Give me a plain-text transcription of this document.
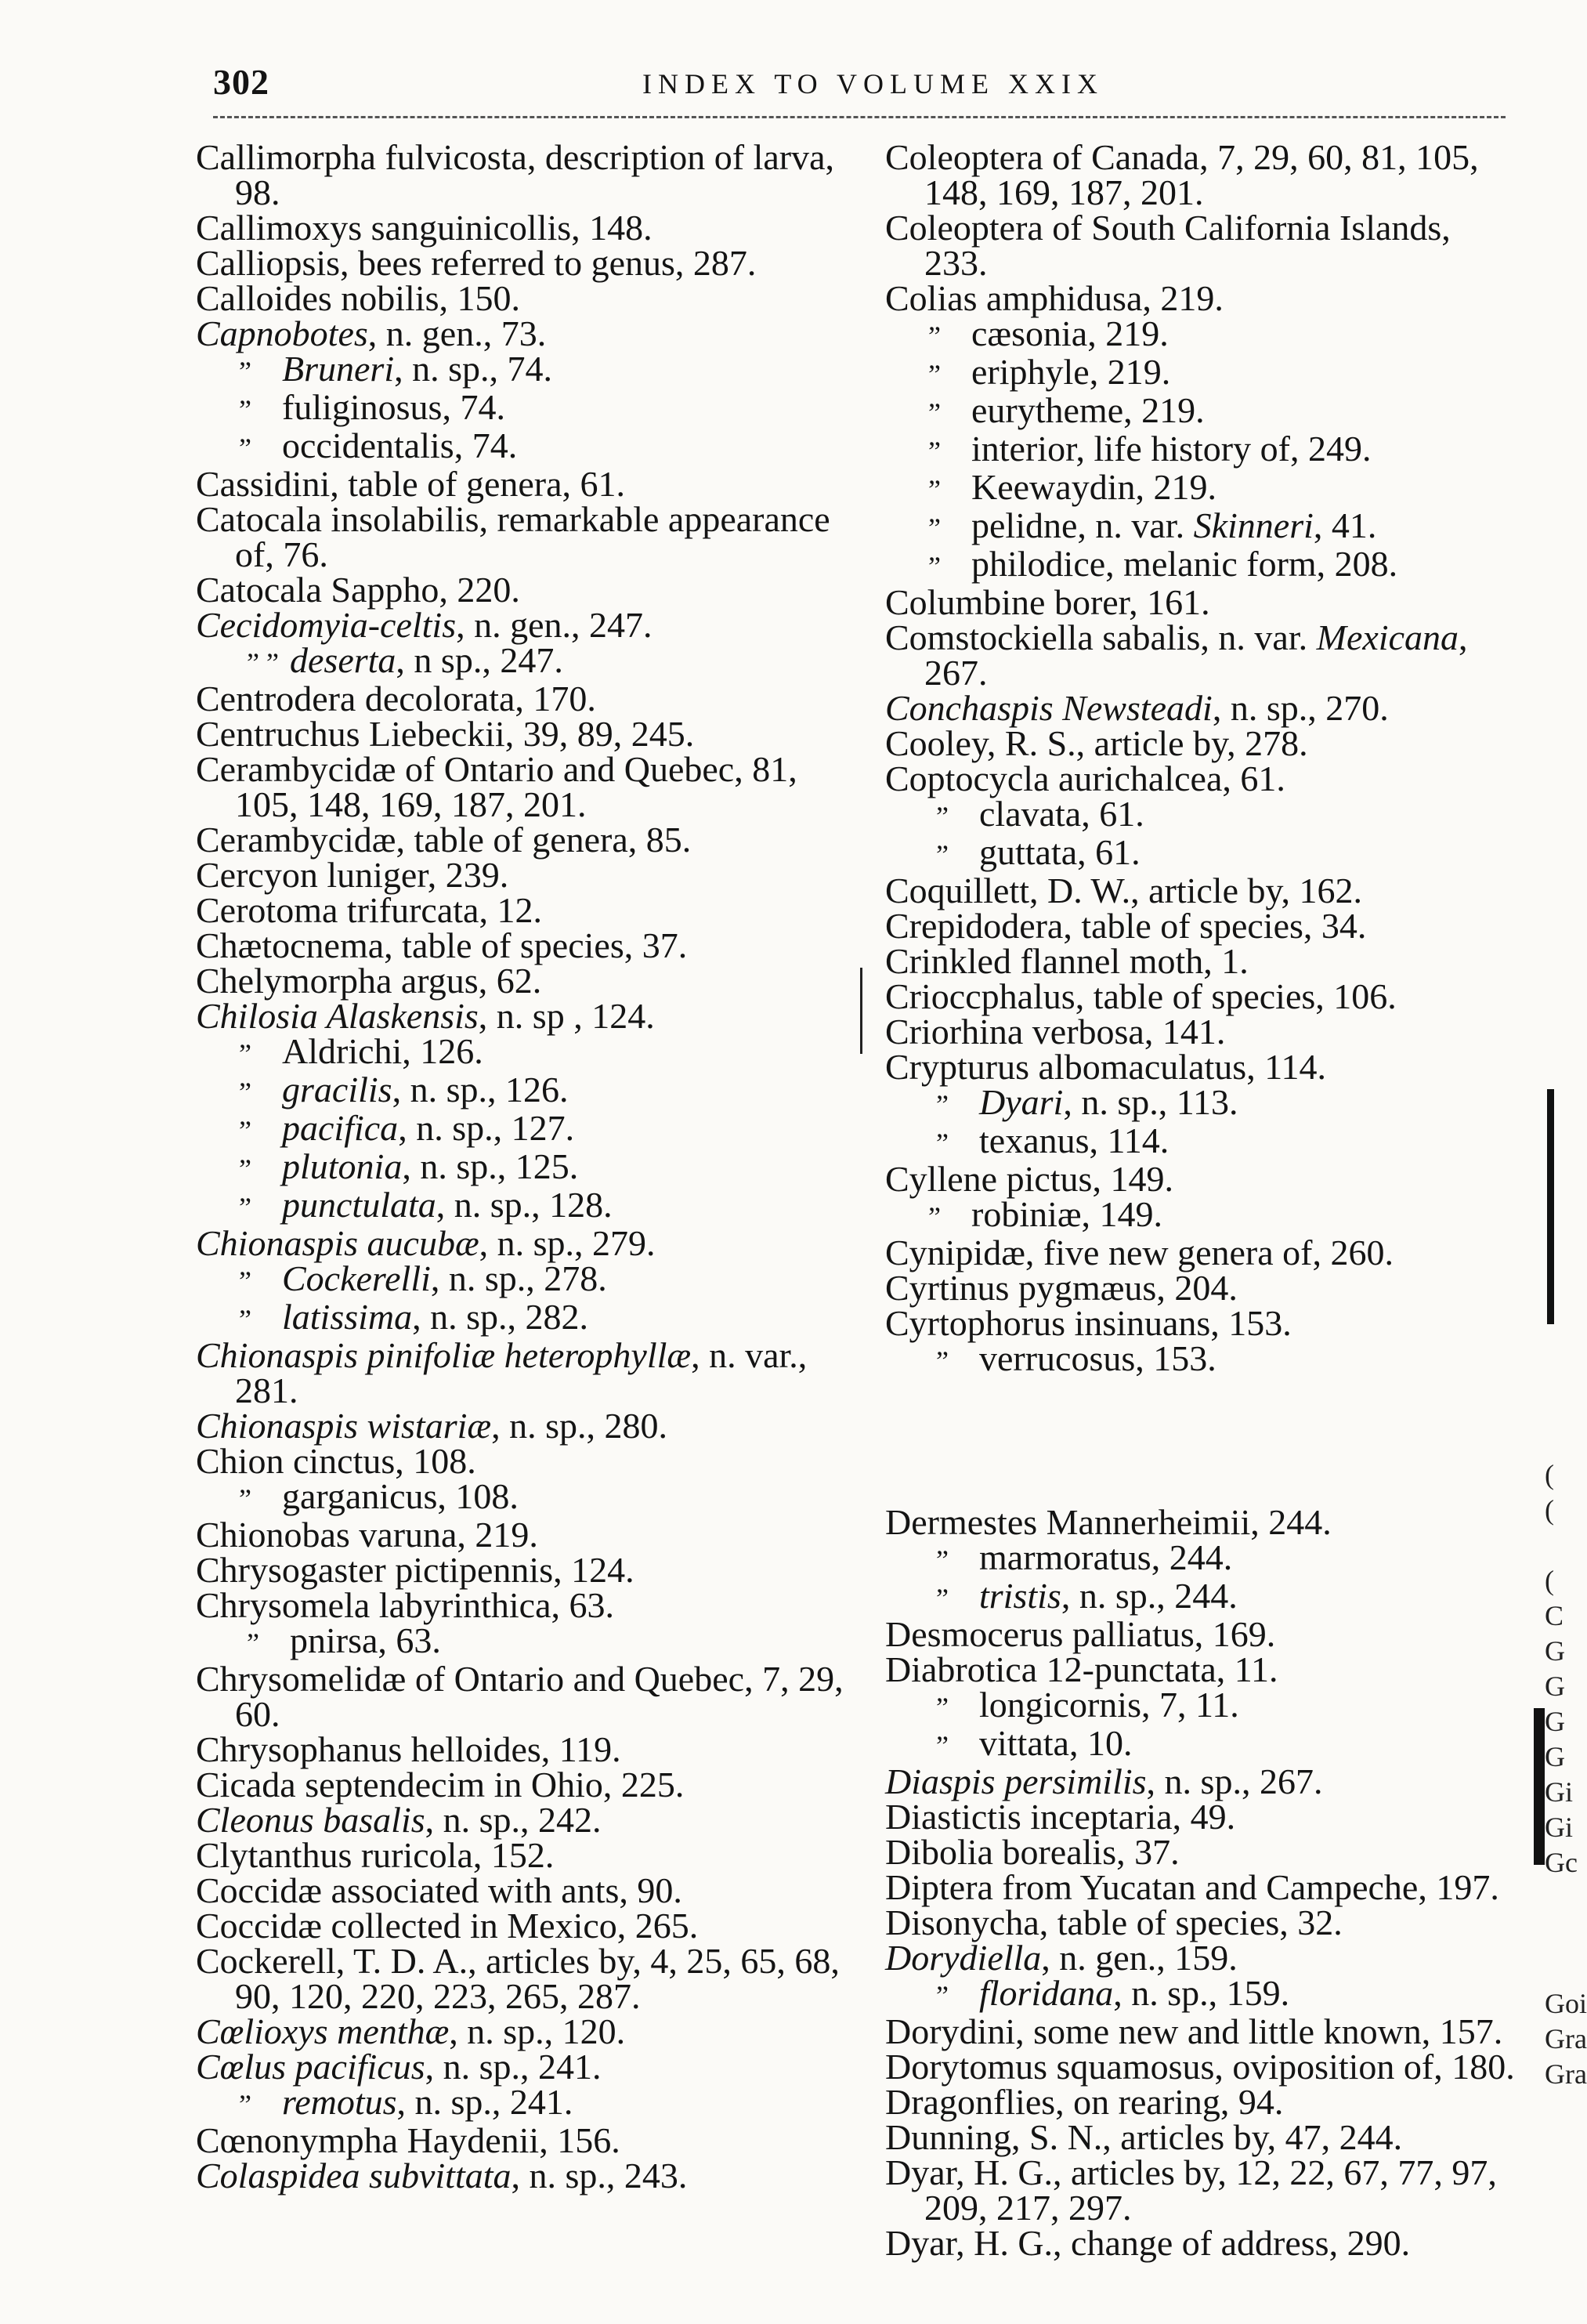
302	INDEX TO VOLUME XXIX

Callimorpha fulvicosta, description of larva, 98.

Callimoxys sanguinicollis, 148.

Calliopsis, bees referred to genus, 287.

Calloides nobilis, 150.

Capnobotes, n. gen., 73.

” Bruneri, n. sp., 74.

” fuliginosus, 74.

” occidentalis, 74.

Cassidini, table of genera, 61.

Catocala insolabilis, remarkable appearance of, 76.

Catocala Sappho, 220.

Cecidomyia-celtis, n. gen., 247.

” ” deserta, n sp., 247.

Centrodera decolorata, 170.

Centruchus Liebeckii, 39, 89, 245.

Cerambycidæ of Ontario and Quebec, 81, 105, 148, 169, 187, 201.

Cerambycidæ, table of genera, 85.

Cercyon luniger, 239.

Cerotoma trifurcata, 12.

Chætocnema, table of species, 37.

Chelymorpha argus, 62.

Chilosia Alaskensis, n. sp , 124.

” Aldrichi, 126.

” gracilis, n. sp., 126.

” pacifica, n. sp., 127.

” plutonia, n. sp., 125.

” punctulata, n. sp., 128.

Chionaspis aucubæ, n. sp., 279.

” Cockerelli, n. sp., 278.

” latissima, n. sp., 282.

Chionaspis pinifoliæ heterophyllæ, n. var., 281.

Chionaspis wistariæ, n. sp., 280.

Chion cinctus, 108.

” garganicus, 108.

Chionobas varuna, 219.

Chrysogaster pictipennis, 124.

Chrysomela labyrinthica, 63.

” pnirsa, 63.

Chrysomelidæ of Ontario and Quebec, 7, 29, 60.

Chrysophanus helloides, 119.

Cicada septendecim in Ohio, 225.

Cleonus basalis, n. sp., 242.

Clytanthus ruricola, 152.

Coccidæ associated with ants, 90.

Coccidæ collected in Mexico, 265.

Cockerell, T. D. A., articles by, 4, 25, 65, 68, 90, 120, 220, 223, 265, 287.

Cœlioxys menthæ, n. sp., 120.

Cœlus pacificus, n. sp., 241.

” remotus, n. sp., 241.

Cœnonympha Haydenii, 156.

Colaspidea subvittata, n. sp., 243.

Coleoptera of Canada, 7, 29, 60, 81, 105, 148, 169, 187, 201.

Coleoptera of South California Islands, 233.

Colias amphidusa, 219.

” cæsonia, 219.

” eriphyle, 219.

” eurytheme, 219.

” interior, life history of, 249.

” Keewaydin, 219.

” pelidne, n. var. Skinneri, 41.

” philodice, melanic form, 208.

Columbine borer, 161.

Comstockiella sabalis, n. var. Mexicana, 267.

Conchaspis Newsteadi, n. sp., 270.

Cooley, R. S., article by, 278.

Coptocycla aurichalcea, 61.

” clavata, 61.

” guttata, 61.

Coquillett, D. W., article by, 162.

Crepidodera, table of species, 34.

Crinkled flannel moth, 1.

Crioccphalus, table of species, 106.

Criorhina verbosa, 141.

Crypturus albomaculatus, 114.

” Dyari, n. sp., 113.

” texanus, 114.

Cyllene pictus, 149.

” robiniæ, 149.

Cynipidæ, five new genera of, 260.

Cyrtinus pygmæus, 204.

Cyrtophorus insinuans, 153.

” verrucosus, 153.

Dermestes Mannerheimii, 244.

” marmoratus, 244.

” tristis, n. sp., 244.

Desmocerus palliatus, 169.

Diabrotica 12-punctata, 11.

” longicornis, 7, 11.

” vittata, 10.

Diaspis persimilis, n. sp., 267.

Diastictis inceptaria, 49.

Dibolia borealis, 37.

Diptera from Yucatan and Campeche, 197.

Disonycha, table of species, 32.

Dorydiella, n. gen., 159.

” floridana, n. sp., 159.

Dorydini, some new and little known, 157.

Dorytomus squamosus, oviposition of, 180.

Dragonflies, on rearing, 94.

Dunning, S. N., articles by, 47, 244.

Dyar, H. G., articles by, 12, 22, 67, 77, 97, 209, 217, 297.

Dyar, H. G., change of address, 290.

(
(

(
C
G
G
G
G
Gi
Gi
Gc

Goi
Gra
Gra
